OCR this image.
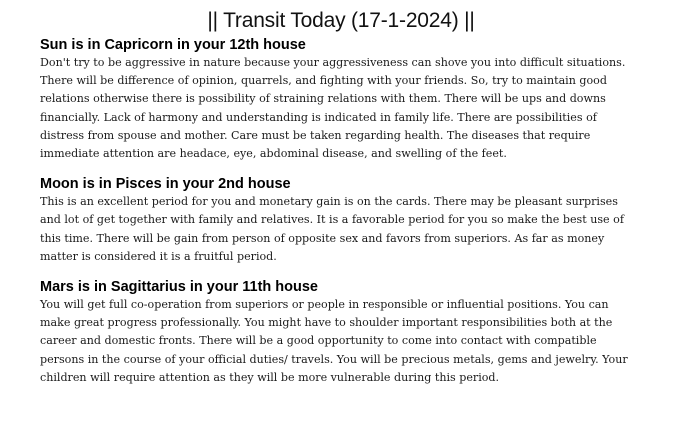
|| Transit Today (17-1-2024) ||
Sun is in Capricorn in your 12th house

Don't try to be aggressive in nature because your aggressiveness can shove you into difficult situations. There will be difference of opinion, quarrels, and fighting with your friends. So, try to maintain good relations otherwise there is possibility of straining relations with them. There will be ups and downs financially. Lack of harmony and understanding is indicated in family life. There are possibilities of distress from spouse and mother. Care must be taken regarding health. The diseases that require immediate attention are headace, eye, abdominal disease, and swelling of the feet.

Moon is in Pisces in your 2nd house

This is an excellent period for you and monetary gain is on the cards. There may be pleasant surprises and lot of get together with family and relatives. It is a favorable period for you so make the best use of this time. There will be gain from person of opposite sex and favors from superiors. As far as money matter is considered it is a fruitful period.

Mars is in Sagittarius in your 11th house

You will get full co-operation from superiors or people in responsible or influential positions. You can make great progress professionally. You might have to shoulder important responsibilities both at the career and domestic fronts. There will be a good opportunity to come into contact with compatible persons in the course of your official duties/ travels. You will be precious metals, gems and jewelry. Your children will require attention as they will be more vulnerable during this period.
